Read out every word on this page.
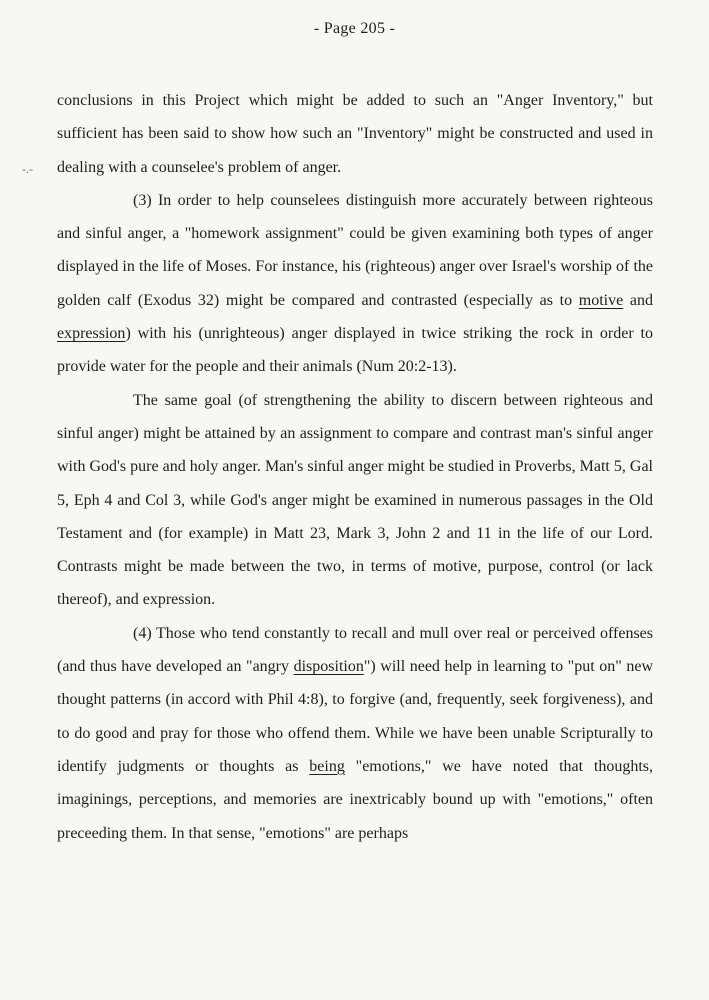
-.-
- Page 205 -

conclusions in this Project which might be added to such an "Anger Inventory," but sufficient has been said to show how such an "Inventory" might be constructed and used in dealing with a counselee's problem of anger.

(3) In order to help counselees distinguish more accurately between righteous and sinful anger, a "homework assignment" could be given examining both types of anger displayed in the life of Moses. For instance, his (righteous) anger over Israel's worship of the golden calf (Exodus 32) might be compared and contrasted (especially as to motive and expression) with his (unrighteous) anger displayed in twice striking the rock in order to provide water for the people and their animals (Num 20:2-13).

The same goal (of strengthening the ability to discern between righteous and sinful anger) might be attained by an assignment to compare and contrast man's sinful anger with God's pure and holy anger. Man's sinful anger might be studied in Proverbs, Matt 5, Gal 5, Eph 4 and Col 3, while God's anger might be examined in numerous passages in the Old Testament and (for example) in Matt 23, Mark 3, John 2 and 11 in the life of our Lord. Contrasts might be made between the two, in terms of motive, purpose, control (or lack thereof), and expression.

(4) Those who tend constantly to recall and mull over real or perceived offenses (and thus have developed an "angry disposition") will need help in learning to "put on" new thought patterns (in accord with Phil 4:8), to forgive (and, frequently, seek forgiveness), and to do good and pray for those who offend them. While we have been unable Scripturally to identify judgments or thoughts as being "emotions," we have noted that thoughts, imaginings, perceptions, and memories are inextricably bound up with "emotions," often preceeding them. In that sense, "emotions" are perhaps
